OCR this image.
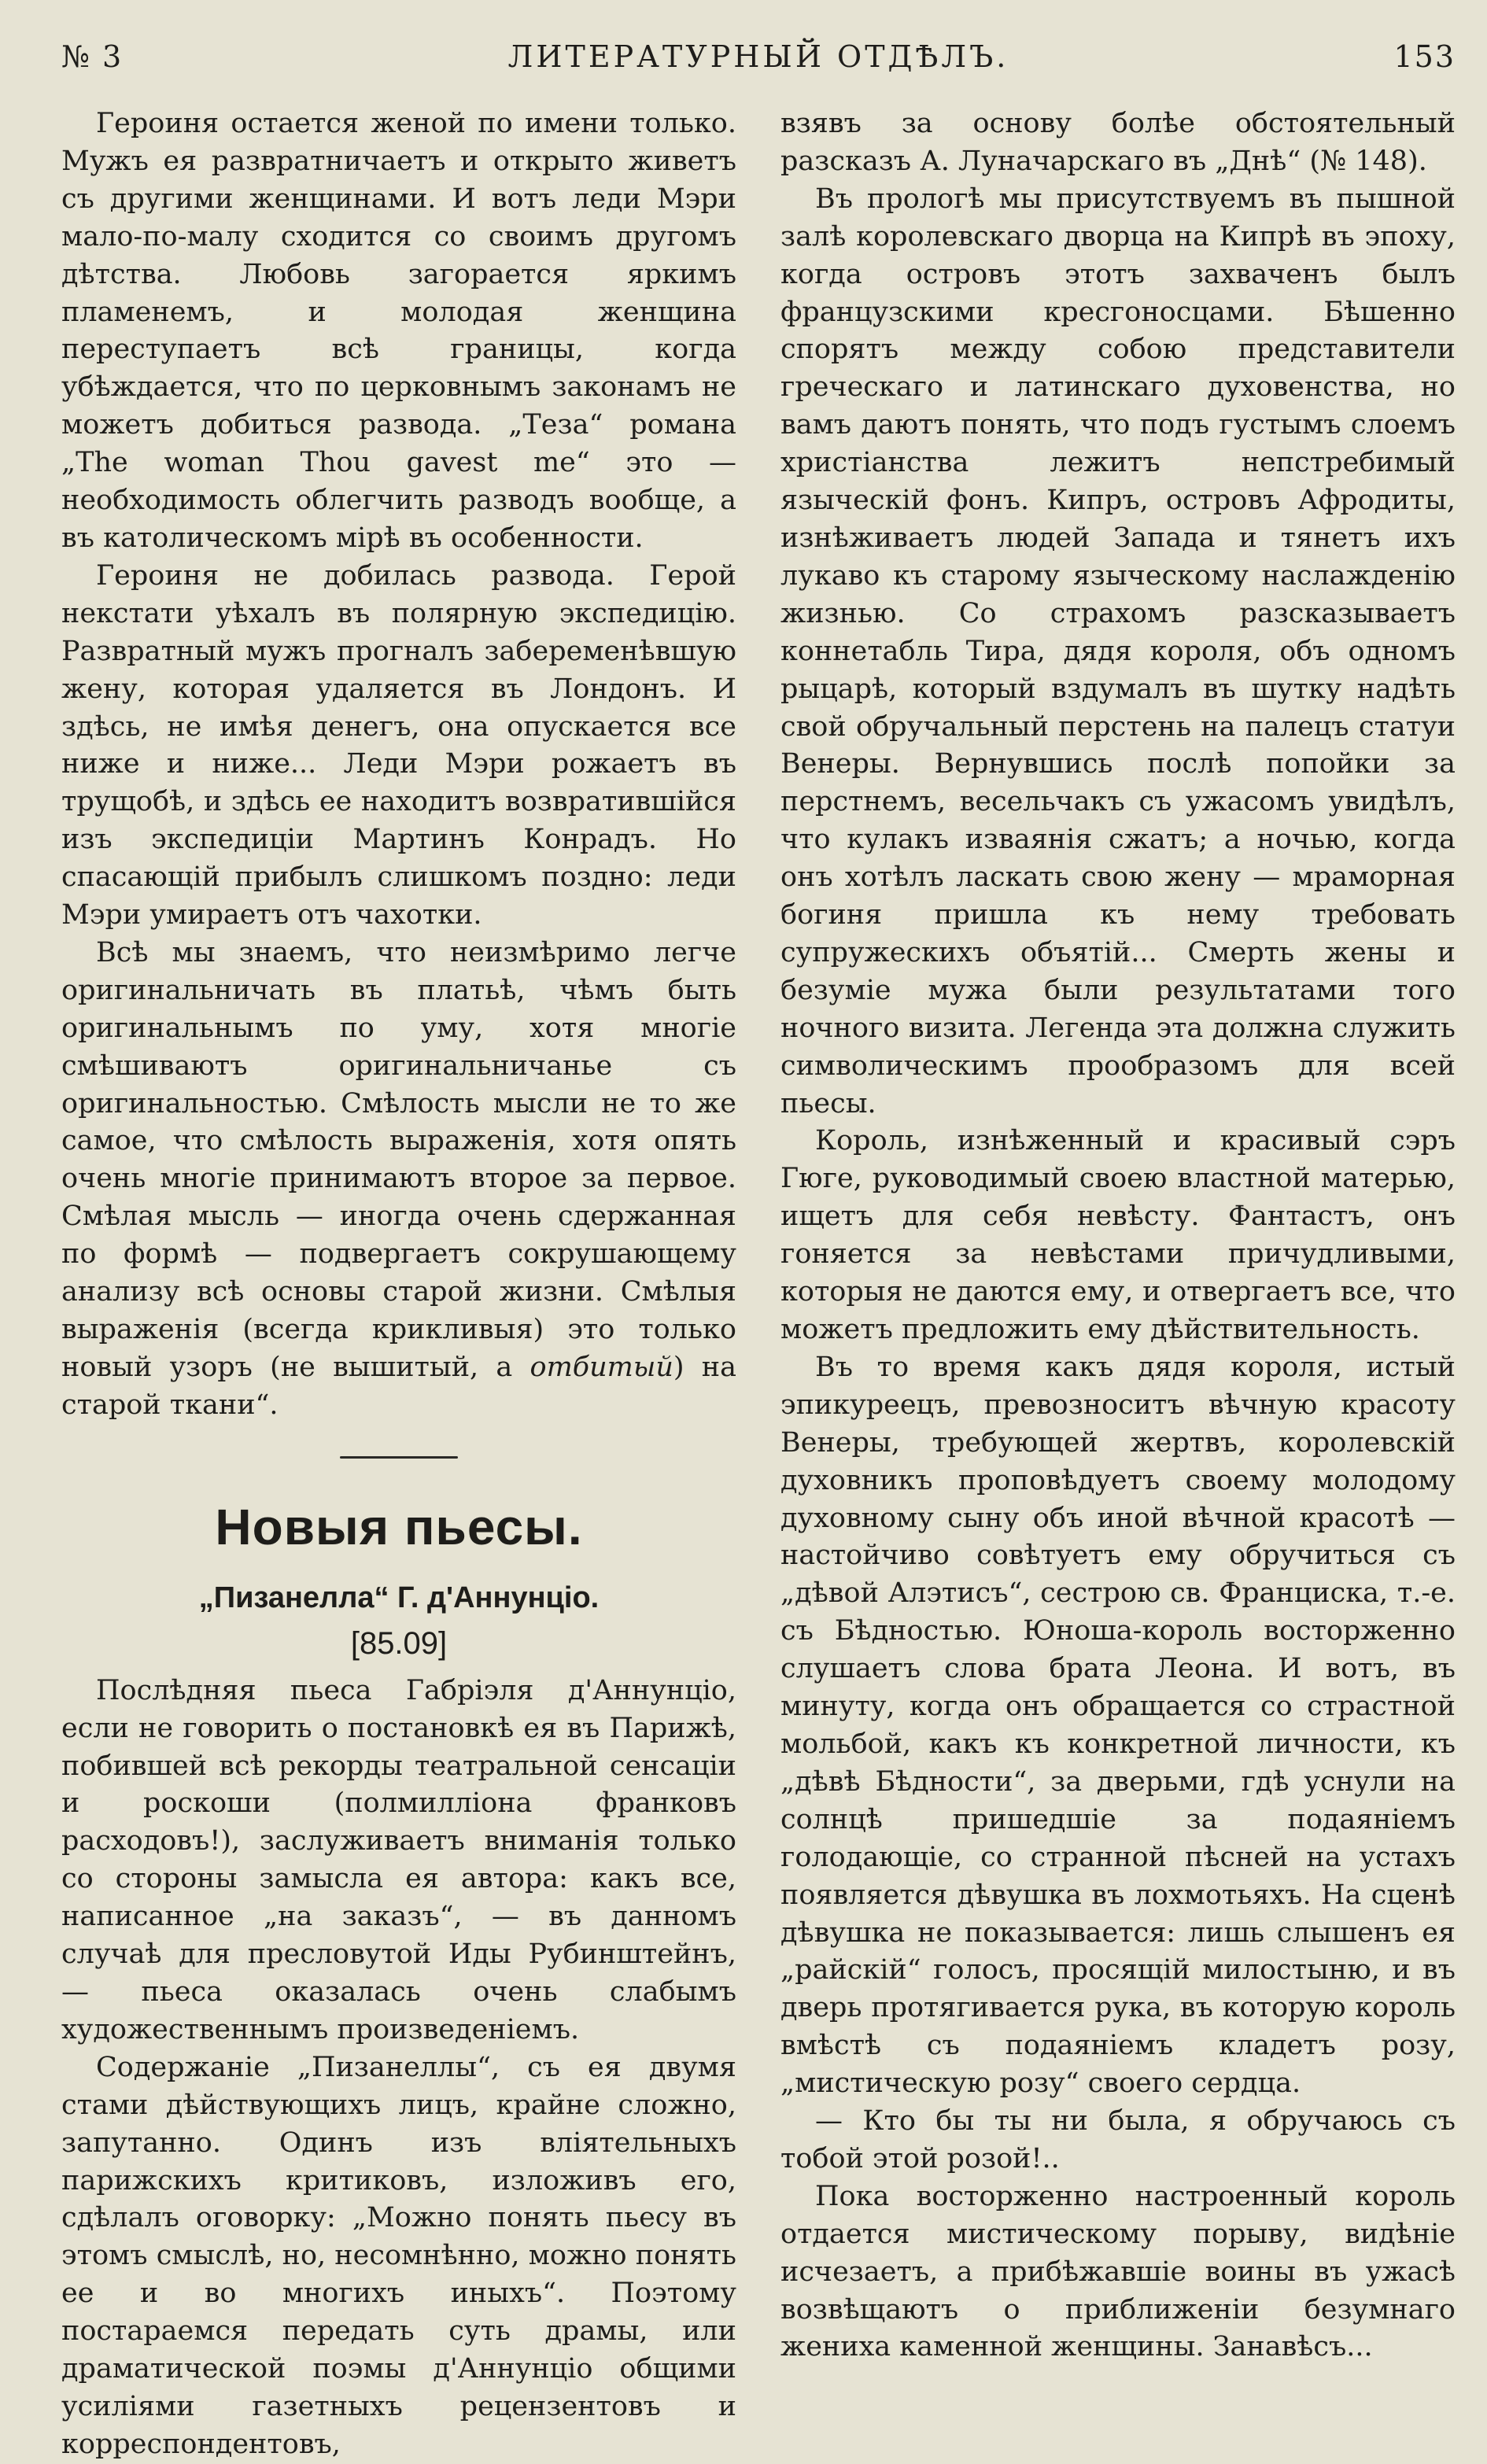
№ 3	ЛИТЕРАТУРНЫЙ ОТДѢЛЪ.	153

Героиня остается женой по имени только. Мужъ ея развратничаетъ и открыто живетъ съ другими женщинами. И вотъ леди Мэри мало-по-малу сходится со своимъ другомъ дѣтства. Любовь загорается яркимъ пламенемъ, и молодая женщина переступаетъ всѣ границы, когда убѣждается, что по церковнымъ законамъ не можетъ добиться развода. „Теза“ романа „The woman Thou gavest me“ это — необходимость облегчить разводъ вообще, а въ католическомъ мірѣ въ особенности.

Героиня не добилась развода. Герой некстати уѣхалъ въ полярную экспедицію. Развратный мужъ прогналъ забеременѣвшую жену, которая удаляется въ Лондонъ. И здѣсь, не имѣя денегъ, она опускается все ниже и ниже... Леди Мэри рожаетъ въ трущобѣ, и здѣсь ее находитъ возвратившійся изъ экспедиціи Мартинъ Конрадъ. Но спасающій прибылъ слишкомъ поздно: леди Мэри умираетъ отъ чахотки.

Всѣ мы знаемъ, что неизмѣримо легче оригинальничать въ платьѣ, чѣмъ быть оригинальнымъ по уму, хотя многіе смѣшиваютъ оригинальничанье съ оригинальностью. Смѣлость мысли не то же самое, что смѣлость выраженія, хотя опять очень многіе принимаютъ второе за первое. Смѣлая мысль — иногда очень сдержанная по формѣ — подвергаетъ сокрушающему анализу всѣ основы старой жизни. Смѣлыя выраженія (всегда крикливыя) это только новый узоръ (не вышитый, а отбитый) на старой ткани“.

Новыя пьесы.
„Пизанелла“ Г. д'Аннунціо.
[85.09]

Послѣдняя пьеса Габріэля д'Аннунціо, если не говорить о постановкѣ ея въ Парижѣ, побившей всѣ рекорды театральной сенсаціи и роскоши (полмилліона франковъ расходовъ!), заслуживаетъ вниманія только со стороны замысла ея автора: какъ все, написанное „на заказъ“, — въ данномъ случаѣ для пресловутой Иды Рубинштейнъ, — пьеса оказалась очень слабымъ художественнымъ произведеніемъ.

Содержаніе „Пизанеллы“, съ ея двумя стами дѣйствующихъ лицъ, крайне сложно, запутанно. Одинъ изъ вліятельныхъ парижскихъ критиковъ, изложивъ его, сдѣлалъ оговорку: „Можно понять пьесу въ этомъ смыслѣ, но, несомнѣнно, можно понять ее и во многихъ иныхъ“. Поэтому постараемся передать суть драмы, или драматической поэмы д'Аннунціо общими усиліями газетныхъ рецензентовъ и корреспондентовъ,

взявъ за основу болѣе обстоятельный разсказъ А. Луначарскаго въ „Днѣ“ (№ 148).

Въ прологѣ мы присутствуемъ въ пышной залѣ королевскаго дворца на Кипрѣ въ эпоху, когда островъ этотъ захваченъ былъ французскими кресгоносцами. Бѣшенно спорятъ между собою представители греческаго и латинскаго духовенства, но вамъ даютъ понять, что подъ густымъ слоемъ христіанства лежитъ непстребимый языческій фонъ. Кипръ, островъ Афродиты, изнѣживаетъ людей Запада и тянетъ ихъ лукаво къ старому языческому наслажденію жизнью. Со страхомъ разсказываетъ коннетабль Тира, дядя короля, объ одномъ рыцарѣ, который вздумалъ въ шутку надѣть свой обручальный перстень на палецъ статуи Венеры. Вернувшись послѣ попойки за перстнемъ, весельчакъ съ ужасомъ увидѣлъ, что кулакъ изваянія сжатъ; а ночью, когда онъ хотѣлъ ласкать свою жену — мраморная богиня пришла къ нему требовать супружескихъ объятій... Смерть жены и безуміе мужа были результатами того ночного визита. Легенда эта должна служить символическимъ прообразомъ для всей пьесы.

Король, изнѣженный и красивый сэръ Гюге, руководимый своею властной матерью, ищетъ для себя невѣсту. Фантастъ, онъ гоняется за невѣстами причудливыми, которыя не даются ему, и отвергаетъ все, что можетъ предложить ему дѣйствительность.

Въ то время какъ дядя короля, истый эпикуреецъ, превозноситъ вѣчную красоту Венеры, требующей жертвъ, королевскій духовникъ проповѣдуетъ своему молодому духовному сыну объ иной вѣчной красотѣ — настойчиво совѣтуетъ ему обручиться съ „дѣвой Алэтисъ“, сестрою св. Франциска, т.-е. съ Бѣдностью. Юноша-король восторженно слушаетъ слова брата Леона. И вотъ, въ минуту, когда онъ обращается со страстной мольбой, какъ къ конкретной личности, къ „дѣвѣ Бѣдности“, за дверьми, гдѣ уснули на солнцѣ пришедшіе за подаяніемъ голодающіе, со странной пѣсней на устахъ появляется дѣвушка въ лохмотьяхъ. На сценѣ дѣвушка не показывается: лишь слышенъ ея „райскій“ голосъ, просящій милостыню, и въ дверь протягивается рука, въ которую король вмѣстѣ съ подаяніемъ кладетъ розу, „мистическую розу“ своего сердца.

— Кто бы ты ни была, я обручаюсь съ тобой этой розой!..

Пока восторженно настроенный король отдается мистическому порыву, видѣніе исчезаетъ, а прибѣжавшіе воины въ ужасѣ возвѣщаютъ о приближеніи безумнаго жениха каменной женщины. Занавѣсъ...
